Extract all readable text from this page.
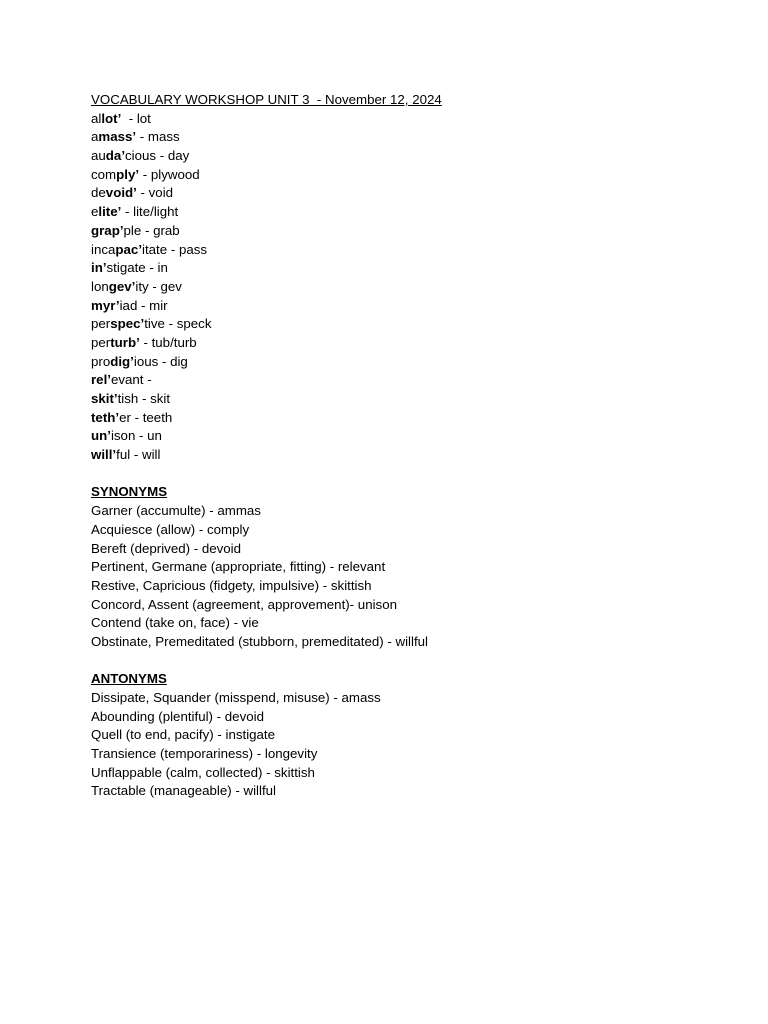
VOCABULARY WORKSHOP UNIT 3  - November 12, 2024
allot’  - lot
amass’ - mass
auda’cious - day
comply’ - plywood
devoid’ - void
elite’ - lite/light
grap’ple - grab
incapac’itate - pass
in’stigate - in
longev’ity - gev
myr’iad - mir
perspec’tive - speck
perturb’ - tub/turb
prodig’ious - dig
rel’evant -
skit’tish - skit
teth’er - teeth
un’ison - un
will’ful - will
SYNONYMS
Garner (accumulte) - ammas
Acquiesce (allow) - comply
Bereft (deprived) - devoid
Pertinent, Germane (appropriate, fitting) - relevant
Restive, Capricious (fidgety, impulsive) - skittish
Concord, Assent (agreement, approvement)- unison
Contend (take on, face) - vie
Obstinate, Premeditated (stubborn, premeditated) - willful
ANTONYMS
Dissipate, Squander (misspend, misuse) - amass
Abounding (plentiful) - devoid
Quell (to end, pacify) - instigate
Transience (temporariness) - longevity
Unflappable (calm, collected) - skittish
Tractable (manageable) - willful
